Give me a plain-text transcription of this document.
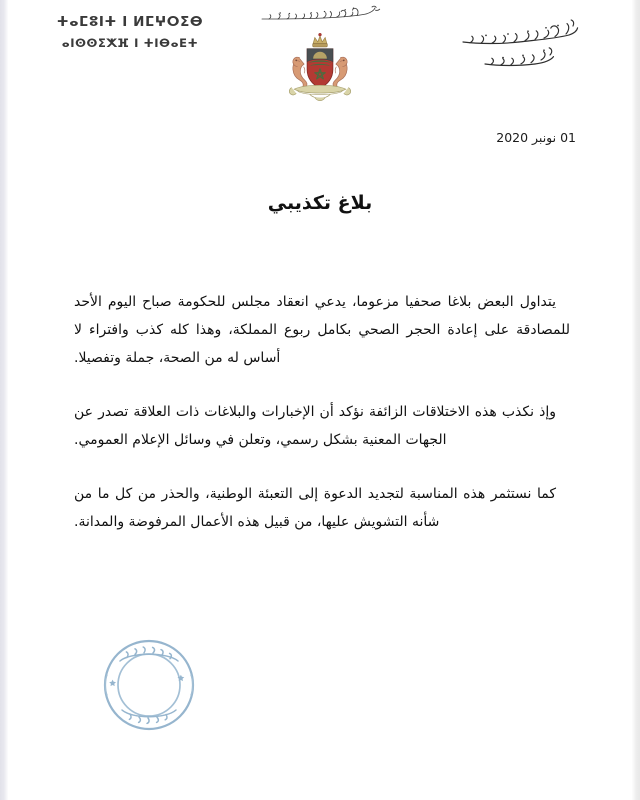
ⵜⴰⵎⵓⵏⵜ ⵏ ⵍⵎⵖⵔⵉⴱ
ⴰⵏⵙⵙⵉⵅⴼ ⵏ ⵜⵏⴱⴰⴹⵜ
01 نونبر 2020
بلاغ تكذيبي

يتداول البعض بلاغا صحفيا مزعوما، يدعي انعقاد مجلس للحكومة صباح اليوم الأحد للمصادقة على إعادة الحجر الصحي بكامل ربوع المملكة، وهذا كله كذب وافتراء لا أساس له من الصحة، جملة وتفصيلا.

وإذ نكذب هذه الاختلاقات الزائفة نؤكد أن الإخبارات والبلاغات ذات العلاقة تصدر عن الجهات المعنية بشكل رسمي، وتعلن في وسائل الإعلام العمومي.

كما نستثمر هذه المناسبة لتجديد الدعوة إلى التعبئة الوطنية، والحذر من كل ما من شأنه التشويش عليها، من قبيل هذه الأعمال المرفوضة والمدانة.
